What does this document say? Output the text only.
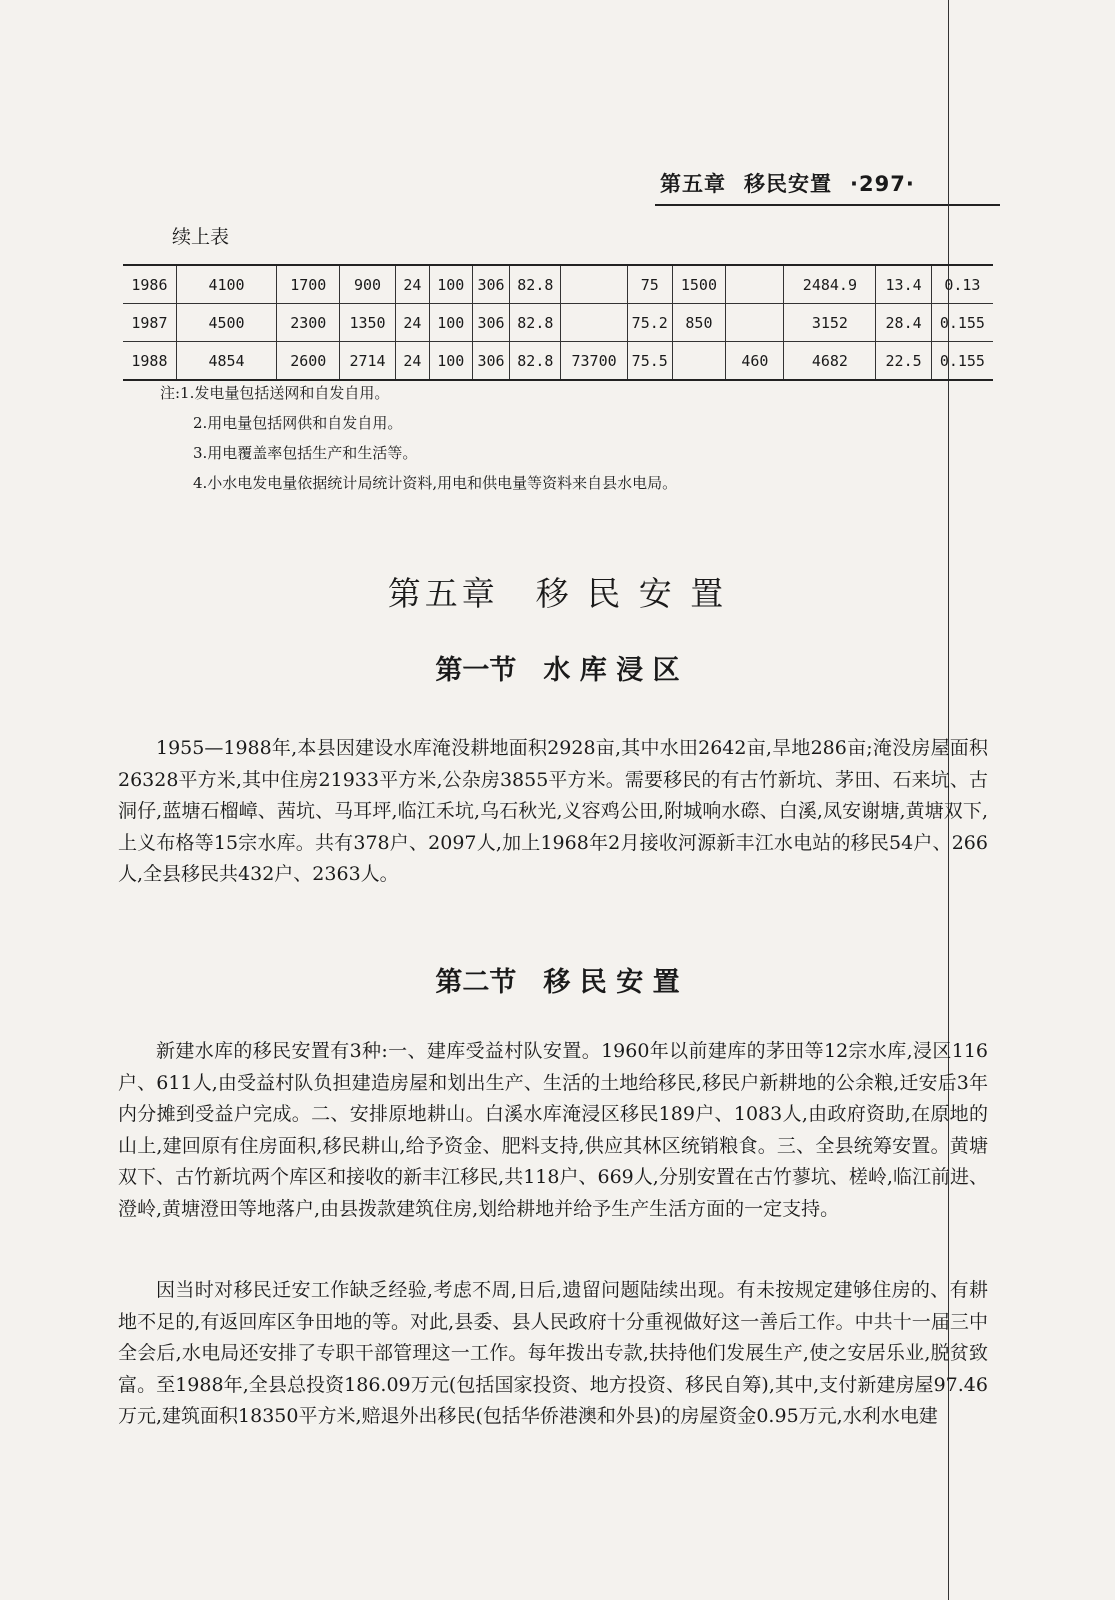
第五章 移民安置 ·297·
续上表
1986	4100	1700	900	24	100	306	82.8		75	1500		2484.9	13.4	0.13
1987	4500	2300	1350	24	100	306	82.8		75.2	850		3152	28.4	0.155
1988	4854	2600	2714	24	100	306	82.8	73700	75.5		460	4682	22.5	0.155
注:1.发电量包括送网和自发自用。
2.用电量包括网供和自发自用。
3.用电覆盖率包括生产和生活等。
4.小水电发电量依据统计局统计资料,用电和供电量等资料来自县水电局。
第五章　移 民 安 置
第一节　水 库 浸 区

1955—1988年,本县因建设水库淹没耕地面积2928亩,其中水田2642亩,旱地286亩;淹没房屋面积26328平方米,其中住房21933平方米,公杂房3855平方米。需要移民的有古竹新坑、茅田、石来坑、古洞仔,蓝塘石榴嶂、茜坑、马耳坪,临江禾坑,乌石秋光,义容鸡公田,附城响水磜、白溪,凤安谢塘,黄塘双下,上义布格等15宗水库。共有378户、2097人,加上1968年2月接收河源新丰江水电站的移民54户、266人,全县移民共432户、2363人。

第二节　移 民 安 置

新建水库的移民安置有3种:一、建库受益村队安置。1960年以前建库的茅田等12宗水库,浸区116户、611人,由受益村队负担建造房屋和划出生产、生活的土地给移民,移民户新耕地的公余粮,迁安后3年内分摊到受益户完成。二、安排原地耕山。白溪水库淹浸区移民189户、1083人,由政府资助,在原地的山上,建回原有住房面积,移民耕山,给予资金、肥料支持,供应其林区统销粮食。三、全县统筹安置。黄塘双下、古竹新坑两个库区和接收的新丰江移民,共118户、669人,分别安置在古竹蓼坑、槎岭,临江前进、澄岭,黄塘澄田等地落户,由县拨款建筑住房,划给耕地并给予生产生活方面的一定支持。

因当时对移民迁安工作缺乏经验,考虑不周,日后,遗留问题陆续出现。有未按规定建够住房的、有耕地不足的,有返回库区争田地的等。对此,县委、县人民政府十分重视做好这一善后工作。中共十一届三中全会后,水电局还安排了专职干部管理这一工作。每年拨出专款,扶持他们发展生产,使之安居乐业,脱贫致富。至1988年,全县总投资186.09万元(包括国家投资、地方投资、移民自筹),其中,支付新建房屋97.46万元,建筑面积18350平方米,赔退外出移民(包括华侨港澳和外县)的房屋资金0.95万元,水利水电建
